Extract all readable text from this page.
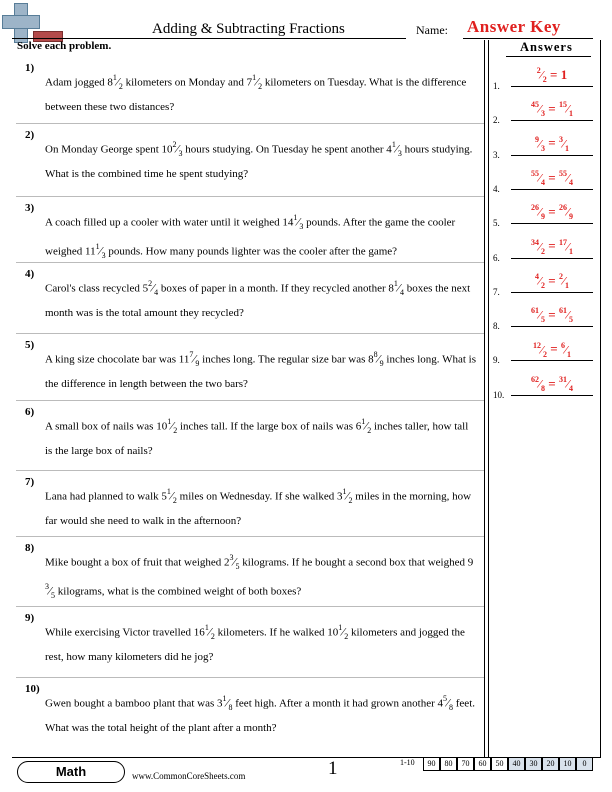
Adding & Subtracting Fractions	Name: Answer Key
Solve each problem.	Answers
1.
$^2⁄_2 = 1$
2.
$^{45}⁄_3$ = $^{15}⁄_1$
3.
$^9⁄_3$ = $^3⁄_1$
4.
$^{55}⁄_4$ = $^{55}⁄_4$
5.
$^{26}⁄_9$ = $^{26}⁄_9$
6.
$^{34}⁄_2$ = $^{17}⁄_1$
7.
$^4⁄_2$ = $^2⁄_1$
8.
$^{61}⁄_5$ = $^{61}⁄_5$
9.
$^{12}⁄_2$ = $^6⁄_1$
10.
$^{62}⁄_8$ = $^{31}⁄_4$
1)
Adam jogged $8^1⁄_2$ kilometers on Monday and $7^1⁄_2$ kilometers on Tuesday. What is the difference between these two distances?
2)
On Monday George spent $10^2⁄_3$ hours studying. On Tuesday he spent another $4^1⁄_3$ hours studying. What is the combined time he spent studying?
3)
A coach filled up a cooler with water until it weighed $14^1⁄_3$ pounds. After the game the cooler weighed $11^1⁄_3$ pounds. How many pounds lighter was the cooler after the game?
4)
Carol's class recycled $5^2⁄_4$ boxes of paper in a month. If they recycled another $8^1⁄_4$ boxes the next month was is the total amount they recycled?
5)
A king size chocolate bar was $11^7⁄_9$ inches long. The regular size bar was $8^8⁄_9$ inches long. What is the difference in length between the two bars?
6)
A small box of nails was $10^1⁄_2$ inches tall. If the large box of nails was $6^1⁄_2$ inches taller, how tall is the large box of nails?
7)
Lana had planned to walk $5^1⁄_2$ miles on Wednesday. If she walked $3^1⁄_2$ miles in the morning, how far would she need to walk in the afternoon?
8)
Mike bought a box of fruit that weighed $2^3⁄_5$ kilograms. If he bought a second box that weighed $9^3⁄_5$ kilograms, what is the combined weight of both boxes?
9)
While exercising Victor travelled $16^1⁄_2$ kilometers. If he walked $10^1⁄_2$ kilometers and jogged the rest, how many kilometers did he jog?
10)
Gwen bought a bamboo plant that was $3^1⁄_8$ feet high. After a month it had grown another $4^5⁄_8$ feet. What was the total height of the plant after a month?
Math	www.CommonCoreSheets.com	1	1-10	90	80	70	60	50	40	30	20	10	0
